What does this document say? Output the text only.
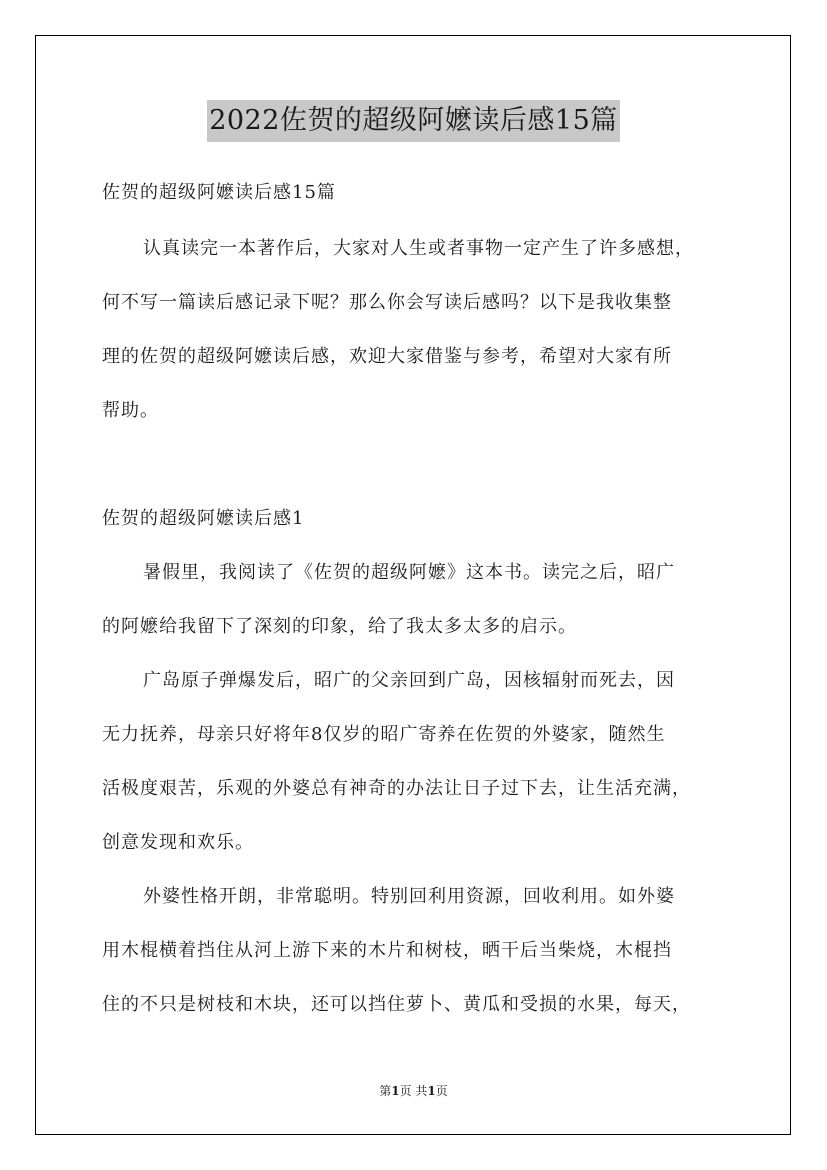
2022佐贺的超级阿嬷读后感15篇
佐贺的超级阿嬷读后感15篇
认真读完一本著作后，大家对人生或者事物一定产生了许多感想，
何不写一篇读后感记录下呢？那么你会写读后感吗？以下是我收集整
理的佐贺的超级阿嬷读后感，欢迎大家借鉴与参考，希望对大家有所
帮助。
佐贺的超级阿嬷读后感1
暑假里，我阅读了《佐贺的超级阿嬷》这本书。读完之后，昭广
的阿嬷给我留下了深刻的印象，给了我太多太多的启示。
广岛原子弹爆发后，昭广的父亲回到广岛，因核辐射而死去，因
无力抚养，母亲只好将年8仅岁的昭广寄养在佐贺的外婆家，随然生
活极度艰苦，乐观的外婆总有神奇的办法让日子过下去，让生活充满，
创意发现和欢乐。
外婆性格开朗，非常聪明。特别回利用资源，回收利用。如外婆
用木棍横着挡住从河上游下来的木片和树枝，晒干后当柴烧，木棍挡
住的不只是树枝和木块，还可以挡住萝卜、黄瓜和受损的水果，每天，
第1页 共1页
